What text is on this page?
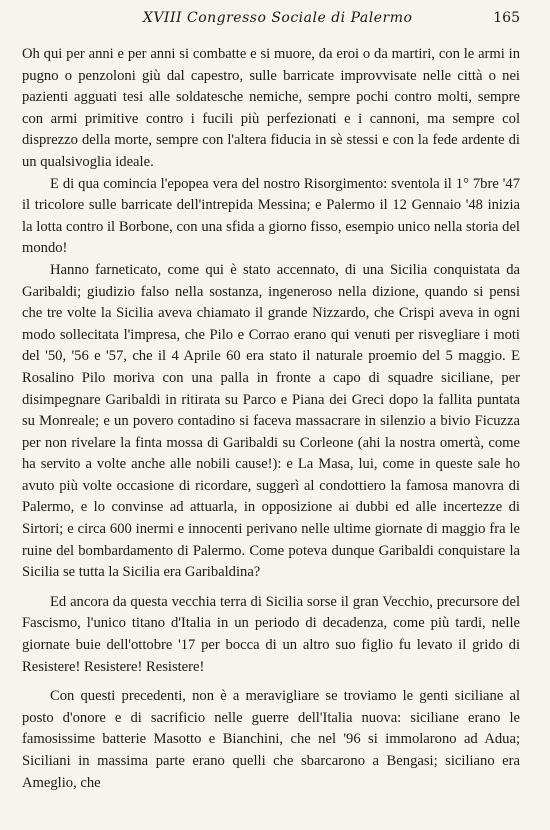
XVIII Congresso Sociale di Palermo	165

Oh qui per anni e per anni si combatte e si muore, da eroi o da martiri, con le armi in pugno o penzoloni giù dal capestro, sulle barricate improvvisate nelle città o nei pazienti agguati tesi alle soldatesche nemiche, sempre pochi contro molti, sempre con armi primitive contro i fucili più perfezionati e i cannoni, ma sempre col disprezzo della morte, sempre con l'altera fiducia in sè stessi e con la fede ardente di un qualsivoglia ideale.

E di qua comincia l'epopea vera del nostro Risorgimento: sventola il 1° 7bre '47 il tricolore sulle barricate dell'intrepida Messina; e Palermo il 12 Gennaio '48 inizia la lotta contro il Borbone, con una sfida a giorno fisso, esempio unico nella storia del mondo!

Hanno farneticato, come qui è stato accennato, di una Sicilia conquistata da Garibaldi; giudizio falso nella sostanza, ingeneroso nella dizione, quando si pensi che tre volte la Sicilia aveva chiamato il grande Nizzardo, che Crispi aveva in ogni modo sollecitata l'impresa, che Pilo e Corrao erano qui venuti per risvegliare i moti del '50, '56 e '57, che il 4 Aprile 60 era stato il naturale proemio del 5 maggio. E Rosalino Pilo moriva con una palla in fronte a capo di squadre siciliane, per disimpegnare Garibaldi in ritirata su Parco e Piana dei Greci dopo la fallita puntata su Monreale; e un povero contadino si faceva massacrare in silenzio a bivio Ficuzza per non rivelare la finta mossa di Garibaldi su Corleone (ahi la nostra omertà, come ha servito a volte anche alle nobili cause!): e La Masa, lui, come in queste sale ho avuto più volte occasione di ricordare, suggerì al condottiero la famosa manovra di Palermo, e lo convinse ad attuarla, in opposizione ai dubbi ed alle incertezze di Sirtori; e circa 600 inermi e innocenti perivano nelle ultime giornate di maggio fra le ruine del bombardamento di Palermo. Come poteva dunque Garibaldi conquistare la Sicilia se tutta la Sicilia era Garibaldina?

Ed ancora da questa vecchia terra di Sicilia sorse il gran Vecchio, precursore del Fascismo, l'unico titano d'Italia in un periodo di decadenza, come più tardi, nelle giornate buie dell'ottobre '17 per bocca di un altro suo figlio fu levato il grido di Resistere! Resistere! Resistere!

Con questi precedenti, non è a meravigliare se troviamo le genti siciliane al posto d'onore e di sacrificio nelle guerre dell'Italia nuova: siciliane erano le famosissime batterie Masotto e Bianchini, che nel '96 si immolarono ad Adua; Siciliani in massima parte erano quelli che sbarcarono a Bengasi; siciliano era Ameglio, che
